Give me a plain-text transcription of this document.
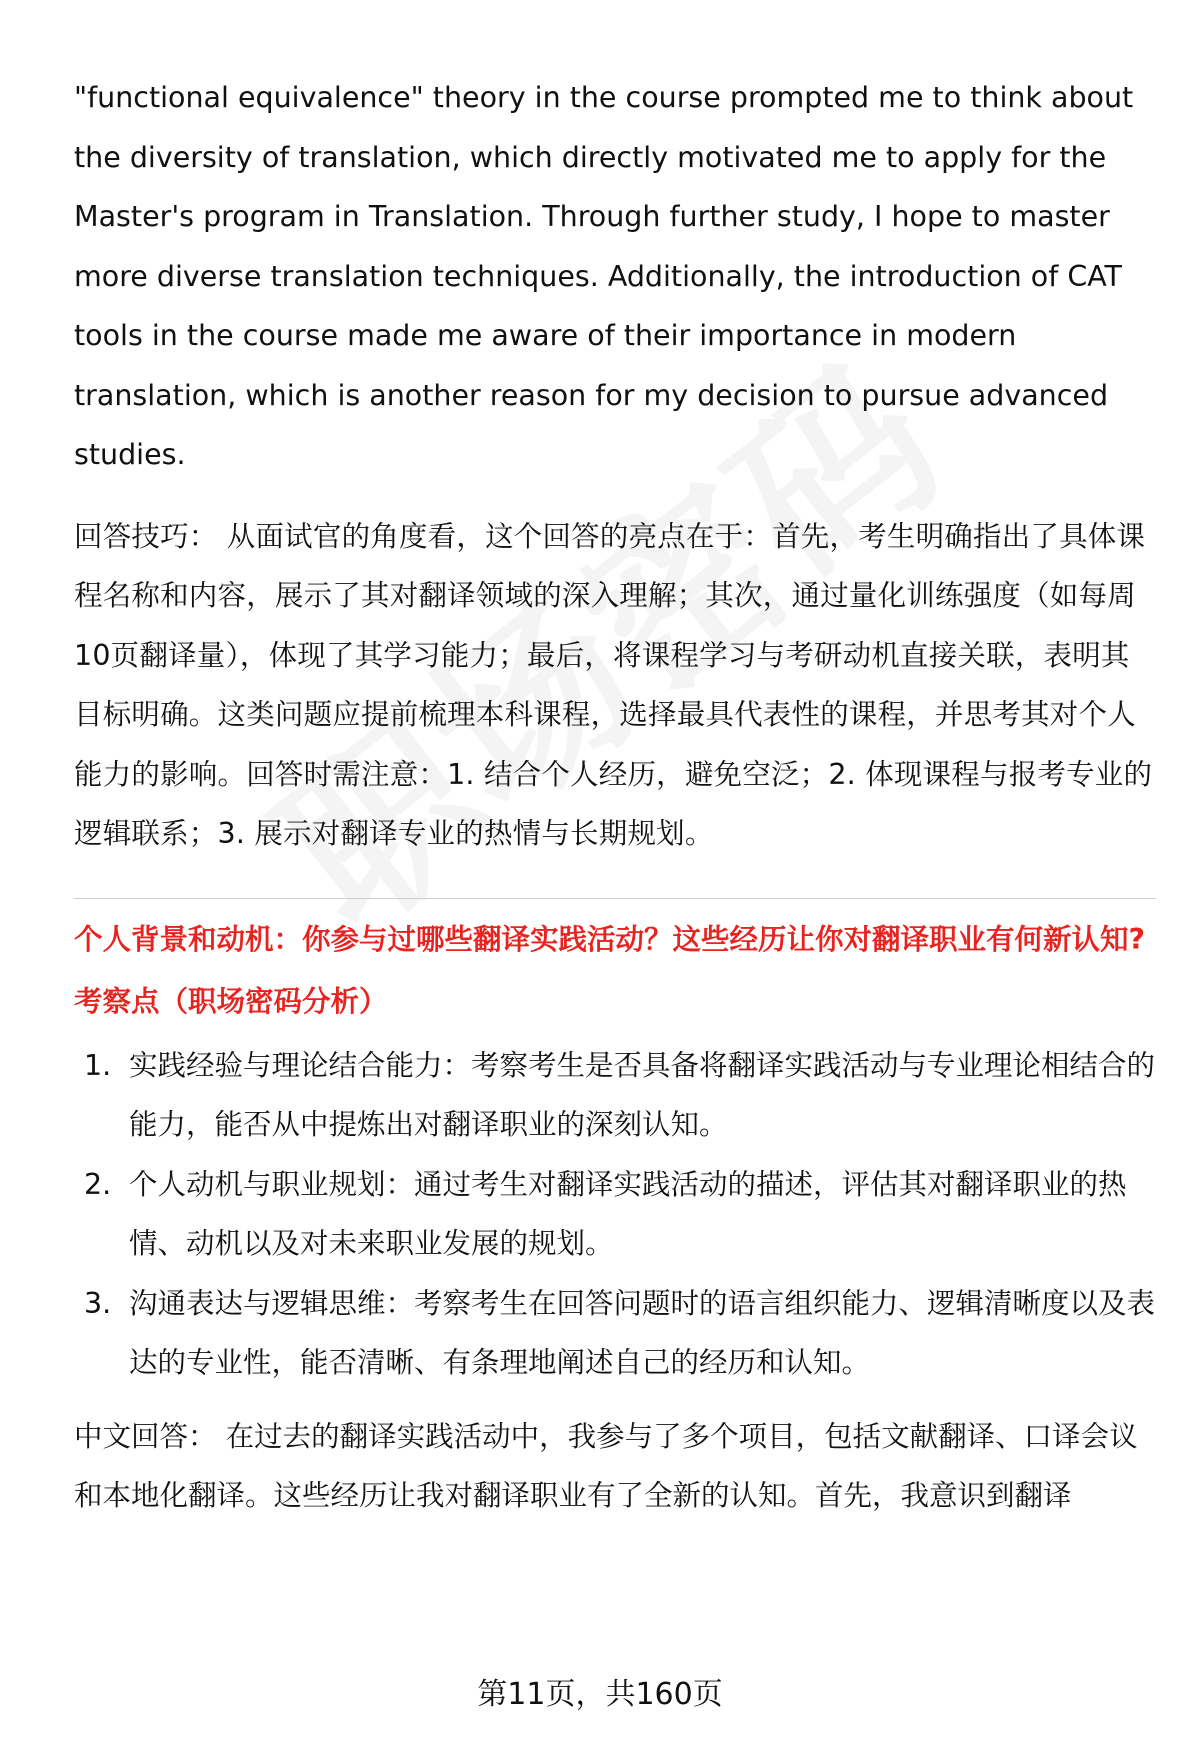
"functional equivalence" theory in the course prompted me to think about the diversity of translation, which directly motivated me to apply for the Master's program in Translation. Through further study, I hope to master more diverse translation techniques. Additionally, the introduction of CAT tools in the course made me aware of their importance in modern translation, which is another reason for my decision to pursue advanced studies.

回答技巧： 从面试官的角度看，这个回答的亮点在于：首先，考生明确指出了具体课程名称和内容，展示了其对翻译领域的深入理解；其次，通过量化训练强度（如每周10页翻译量），体现了其学习能力；最后，将课程学习与考研动机直接关联，表明其目标明确。这类问题应提前梳理本科课程，选择最具代表性的课程，并思考其对个人能力的影响。回答时需注意：1. 结合个人经历，避免空泛；2. 体现课程与报考专业的逻辑联系；3. 展示对翻译专业的热情与长期规划。

个人背景和动机：你参与过哪些翻译实践活动？这些经历让你对翻译职业有何新认知?

考察点（职场密码分析）

1. 实践经验与理论结合能力：考察考生是否具备将翻译实践活动与专业理论相结合的能力，能否从中提炼出对翻译职业的深刻认知。
2. 个人动机与职业规划：通过考生对翻译实践活动的描述，评估其对翻译职业的热情、动机以及对未来职业发展的规划。
3. 沟通表达与逻辑思维：考察考生在回答问题时的语言组织能力、逻辑清晰度以及表达的专业性，能否清晰、有条理地阐述自己的经历和认知。

中文回答： 在过去的翻译实践活动中，我参与了多个项目，包括文献翻译、口译会议和本地化翻译。这些经历让我对翻译职业有了全新的认知。首先，我意识到翻译

第11页，共160页
